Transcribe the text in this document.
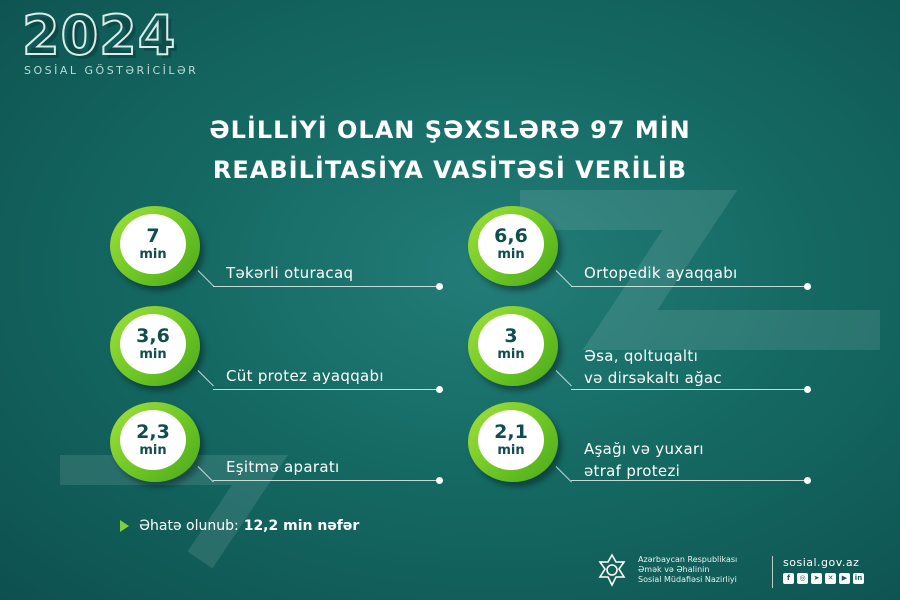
2024
SOSİAL GÖSTƏRİCİLƏR
ƏLİLLİYİ OLAN ŞƏXSLƏRƏ 97 MİN
REABİLİTASİYA VASİTƏSİ VERİLİB
7
min
Təkərli oturacaq
6,6
min
Ortopedik ayaqqabı
3,6
min
Cüt protez ayaqqabı
3
min	Əsa, qoltuqaltı
və dirsəkaltı ağac
2,3
min
Eşitmə aparatı
2,1
min	Aşağı və yuxarı
ətraf protezi
Əhatə olunub: 12,2 min nəfər
Azərbaycan Respublikası
Əmək və Əhalinin
Sosial Müdafiəsi Nazirliyi
sosial.gov.az
f	◎	➤	✕	▶	in
